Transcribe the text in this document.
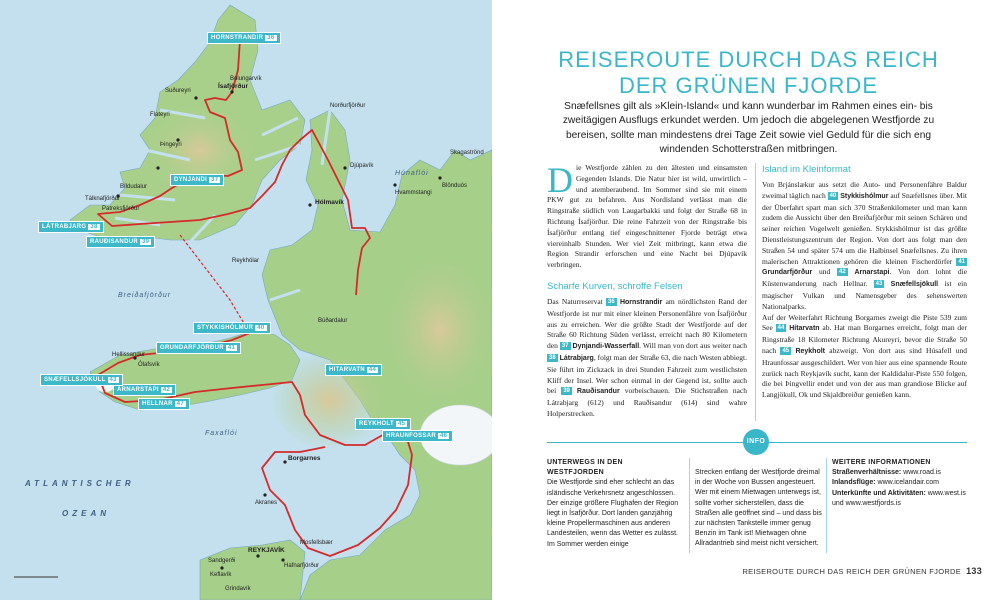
Ísafjörður
Bolungarvík
Suðureyri
Flateyri
Þingeyri
Bíldudalur
Tálknafjörður
Patreksfjörður
Hólmavík
Djúpavík
Norðurfjörður
Reykhólar
Búðardalur
Borgarnes
Akranes
REYKJAVÍK
Hafnarfjörður
Keflavík
Sandgerði
Grindavík
Hellissandur
Ólafsvík
Hvammstangi
Blönduós
Skagaströnd
Mosfellsbær
Húnaflói
Breiðafjörður
Faxaflói
ATLANTISCHER
OZEAN
HORNSTRANDIR 36
DYNJANDI 37
LÁTRABJARG 38
RAUÐISANDUR 39
STYKKISHÓLMUR 40
GRUNDARFJÖRÐUR 41
ARNARSTAPI 42
SNÆFELLSJÖKULL 43
HITARVATN 44
REYKHOLT 45
HRAUNFOSSAR 46
HELLNAR 47
REISEROUTE DURCH DAS REICH
DER GRÜNEN FJORDE
Snæfellsnes gilt als »Klein-Island« und kann wunderbar im Rahmen eines ein- bis zweitägigen Ausflugs erkundet werden. Um jedoch die abgelegenen Westfjorde zu bereisen, sollte man mindestens drei Tage Zeit sowie viel Geduld für die sich eng windenden Schotterstraßen mitbringen.

Die Westfjorde zählen zu den ältesten und einsamsten Gegenden Islands. Die Natur hier ist wild, unwirtlich – und atemberaubend. Im Sommer sind sie mit einem PKW gut zu befahren. Aus Nordisland verlässt man die Ringstraße südlich von Laugarbakki und folgt der Straße 68 in Richtung Ísafjörður. Die reine Fahrzeit von der Ringstraße bis Ísafjörður entlang tief eingeschnittener Fjorde beträgt etwa viereinhalb Stunden. Wer viel Zeit mitbringt, kann etwa die Region Strandir erforschen und eine Nacht bei Djúpavík verbringen.

Scharfe Kurven, schroffe Felsen

Das Naturreservat 36 Hornstrandir am nördlichsten Rand der Westfjorde ist nur mit einer kleinen Personenfähre von Ísafjörður aus zu erreichen. Wer die größte Stadt der Westfjorde auf der Straße 60 Richtung Süden verlässt, erreicht nach 80 Kilometern den 37 Dynjandi-Wasserfall. Will man von dort aus weiter nach 38 Látrabjarg, folgt man der Straße 63, die nach Westen abbiegt. Sie führt im Zickzack in drei Stunden Fahrzeit zum westlichsten Kliff der Insel. Wer schon einmal in der Gegend ist, sollte auch bei 39 Rauðisandur vorbeischauen. Die Stichstraßen nach Látrabjarg (612) und Rauðisandur (614) sind wahre Holperstrecken.

Island im Kleinformat

Von Brjánslækur aus setzt die Auto- und Personenfähre Baldur zweimal täglich nach 40 Stykkishólmur auf Snæfellsnes über. Mit der Überfahrt spart man sich 370 Straßenkilometer und man kann zudem die Aussicht über den Breiðafjörður mit seinen Schären und seiner reichen Vogelwelt genießen. Stykkishólmur ist das größte Dienstleistungszentrum der Region. Von dort aus folgt man den Straßen 54 und später 574 um die Halbinsel Snæfellsnes. Zu ihren malerischen Attraktionen gehören die kleinen Fischerdörfer 41 Grundarfjörður und 42 Arnarstapi. Von dort lohnt die Küstenwanderung nach Hellnar. 43 Snæfellsjökull ist ein magischer Vulkan und Namensgeber des sehenswerten Nationalparks.

Auf der Weiterfahrt Richtung Borgarnes zweigt die Piste 539 zum See 44 Hítarvatn ab. Hat man Borgarnes erreicht, folgt man der Ringstraße 18 Kilometer Richtung Akureyri, bevor die Straße 50 nach 45 Reykholt abzweigt. Von dort aus sind Húsafell und Hraunfossar ausgeschildert. Wer von hier aus eine spannende Route zurück nach Reykjavík sucht, kann der Kaldidalur-Piste 550 folgen, die bei Þingvellir endet und von der aus man grandiose Blicke auf Langjökull, Ok und Skjaldbreiður genießen kann.

INFO
UNTERWEGS IN DEN WESTFJORDEN
Die Westfjorde sind eher schlecht an das isländische Verkehrsnetz angeschlossen. Der einzige größere Flughafen der Region liegt in Ísafjörður. Dort landen ganzjährig kleine Propellermaschinen aus anderen Landesteilen, wenn das Wetter es zulässt. Im Sommer werden einige
Strecken entlang der Westfjorde dreimal in der Woche von Bussen angesteuert. Wer mit einem Mietwagen unterwegs ist, sollte vorher sicherstellen, dass die Straßen alle geöffnet sind – und dass bis zur nächsten Tankstelle immer genug Benzin im Tank ist! Mietwagen ohne Allradantrieb sind meist nicht versichert.
WEITERE INFORMATIONEN
Straßenverhältnisse: www.road.is
Inlandsflüge: www.icelandair.com
Unterkünfte und Aktivitäten: www.west.is und www.westfjords.is
REISEROUTE DURCH DAS REICH DER GRÜNEN FJORDE 133
